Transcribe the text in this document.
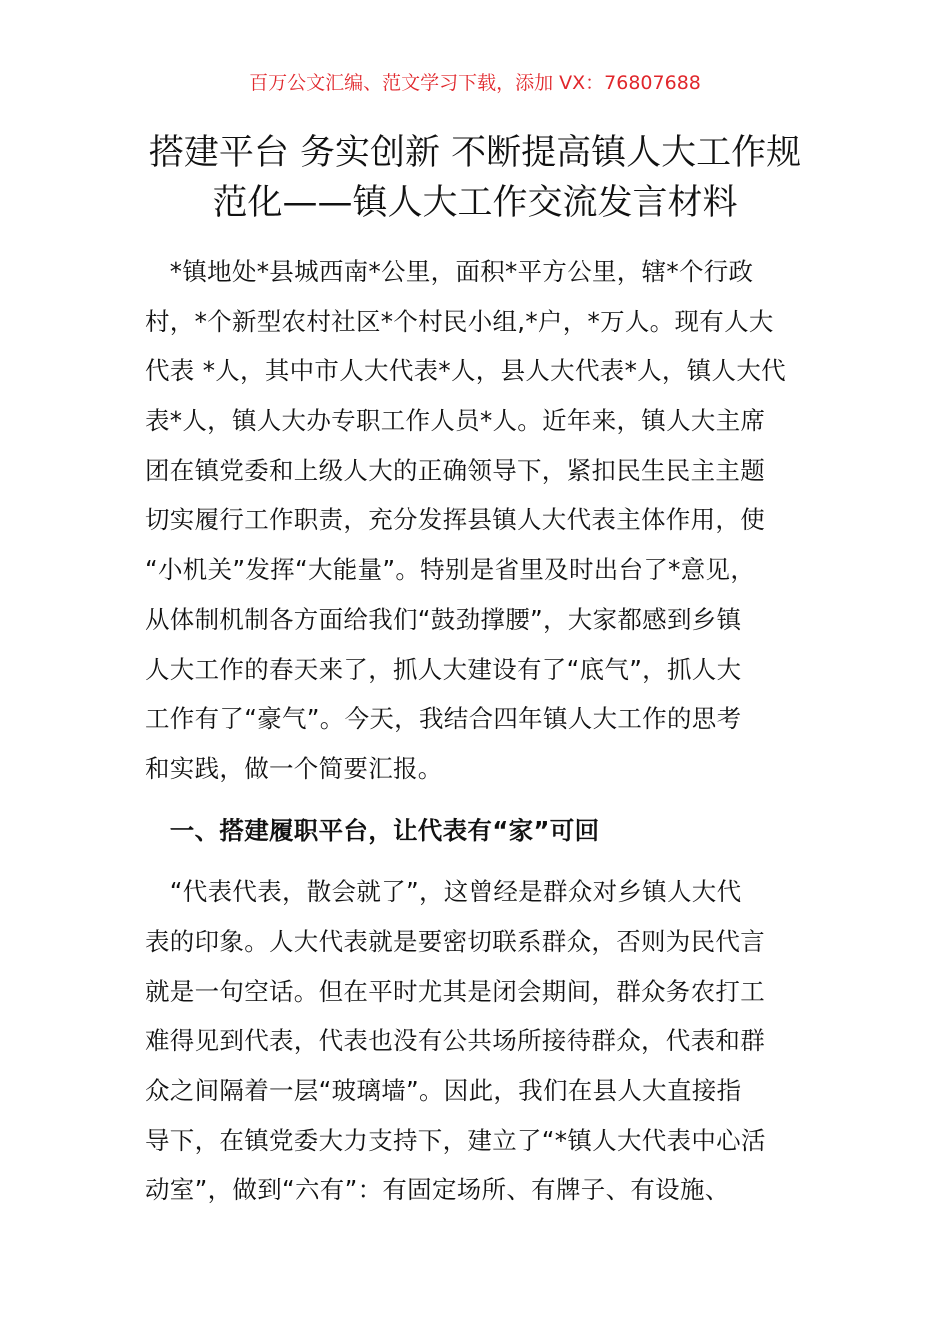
百万公文汇编、范文学习下载，添加 VX：76807688
搭建平台 务实创新 不断提高镇人大工作规
范化——镇人大工作交流发言材料
　*镇地处*县城西南*公里，面积*平方公里，辖*个行政
村，*个新型农村社区*个村民小组,*户，*万人。现有人大
代表 *人，其中市人大代表*人，县人大代表*人，镇人大代
表*人，镇人大办专职工作人员*人。近年来，镇人大主席
团在镇党委和上级人大的正确领导下，紧扣民生民主主题
切实履行工作职责，充分发挥县镇人大代表主体作用，使
“小机关”发挥“大能量”。特别是省里及时出台了*意见，
从体制机制各方面给我们“鼓劲撑腰”，大家都感到乡镇
人大工作的春天来了，抓人大建设有了“底气”，抓人大
工作有了“豪气”。今天，我结合四年镇人大工作的思考
和实践，做一个简要汇报。
　一、搭建履职平台，让代表有“家”可回
　“代表代表，散会就了”，这曾经是群众对乡镇人大代
表的印象。人大代表就是要密切联系群众，否则为民代言
就是一句空话。但在平时尤其是闭会期间，群众务农打工
难得见到代表，代表也没有公共场所接待群众，代表和群
众之间隔着一层“玻璃墙”。因此，我们在县人大直接指
导下，在镇党委大力支持下，建立了“*镇人大代表中心活
动室”，做到“六有”：有固定场所、有牌子、有设施、
